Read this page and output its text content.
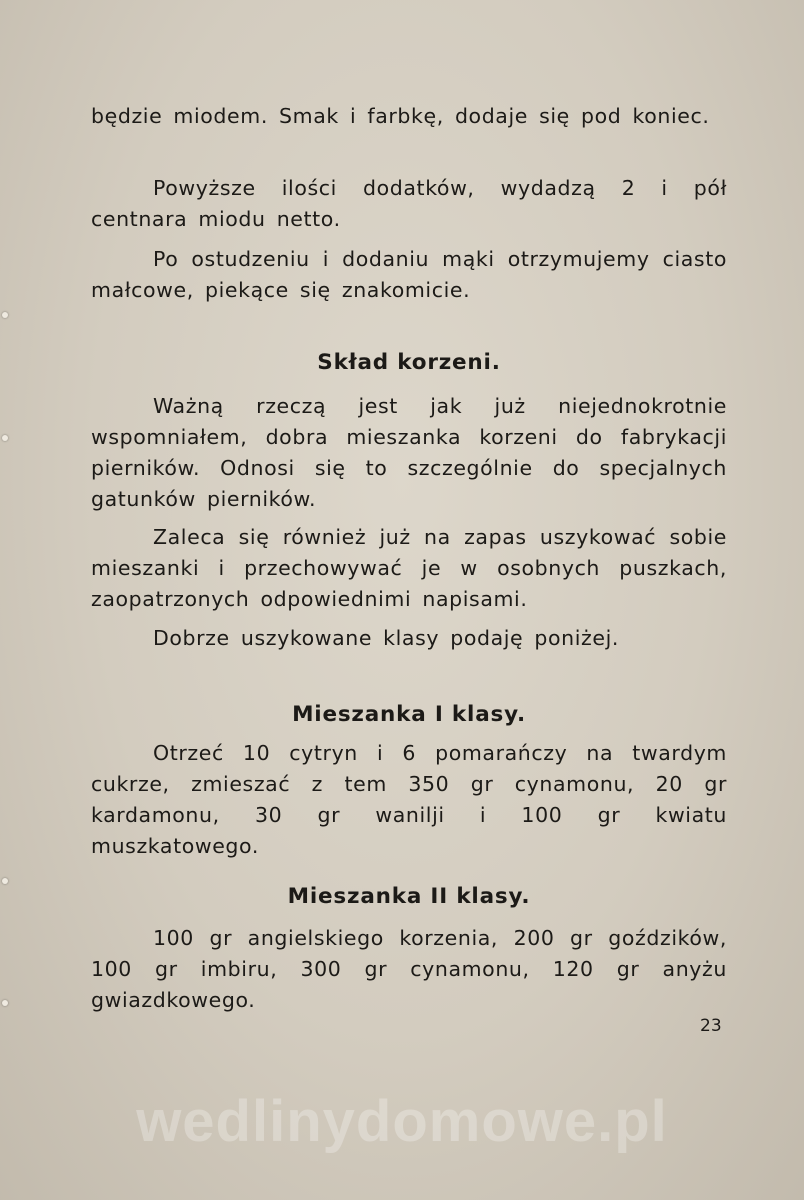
będzie miodem. Smak i farbkę, dodaje się pod koniec.

Powyższe ilości dodatków, wydadzą 2 i pół centnara miodu netto.

Po ostudzeniu i dodaniu mąki otrzymujemy ciasto małcowe, piekące się znakomicie.

Skład korzeni.

Ważną rzeczą jest jak już niejednokrotnie wspomniałem, dobra mieszanka korzeni do fabrykacji pierników. Odnosi się to szczególnie do specjalnych gatunków pierników.

Zaleca się również już na zapas uszykować sobie mieszanki i przechowywać je w osobnych puszkach, zaopatrzonych odpowiednimi napisami.

Dobrze uszykowane klasy podaję poniżej.

Mieszanka I klasy.

Otrzeć 10 cytryn i 6 pomarańczy na twardym cukrze, zmieszać z tem 350 gr cynamonu, 20 gr kardamonu, 30 gr wanilji i 100 gr kwiatu muszkatowego.

Mieszanka II klasy.

100 gr angielskiego korzenia, 200 gr goździków, 100 gr imbiru, 300 gr cynamonu, 120 gr anyżu gwiazdkowego.

23
wedlinydomowe.pl
